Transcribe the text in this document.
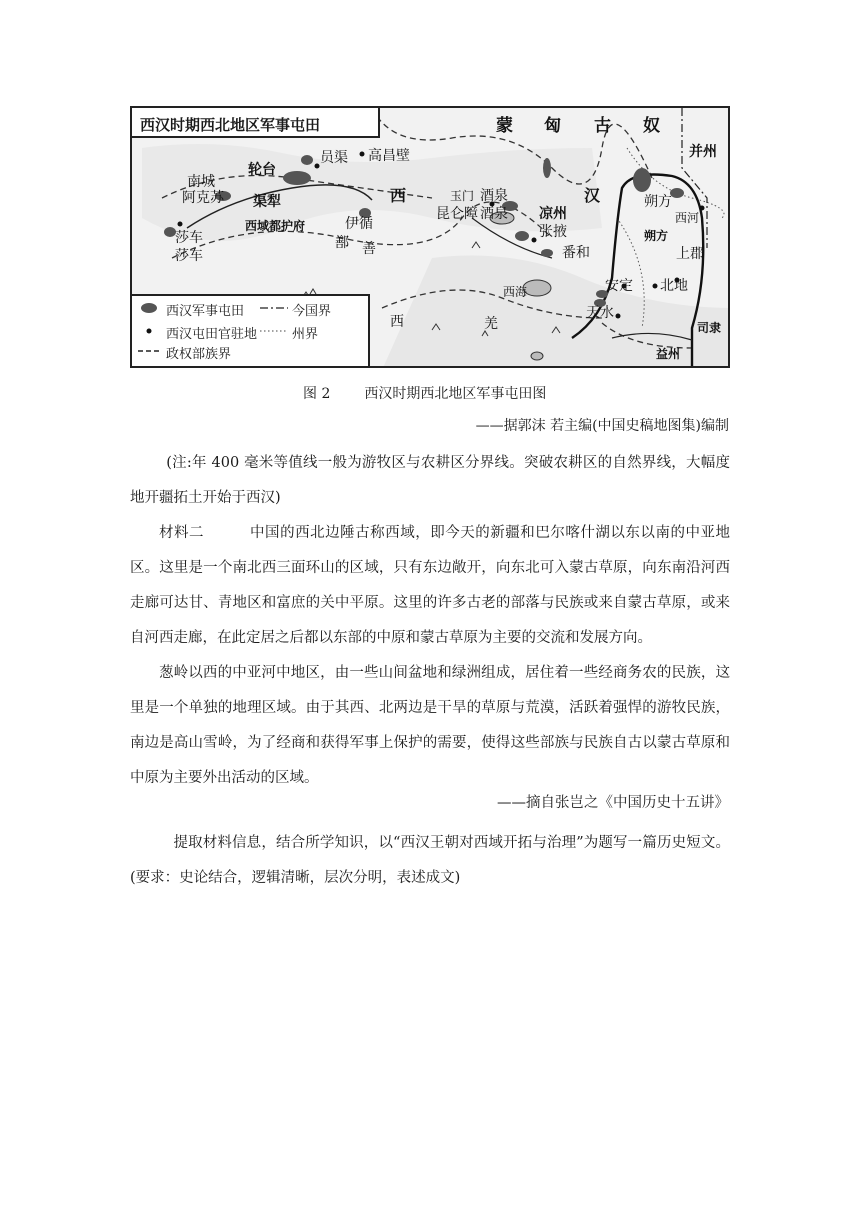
西汉时期西北地区军事屯田	蒙 匈 古 奴
并州
员渠 高昌壁
轮台
南城
阿克苏 渠犁	西
西域都护府	伊循
鄯 善
莎车
莎车
玉门 酒泉
昆仑障 酒泉 凉州
汉
张掖
番和
朔方
西河
朔方
上郡
安定 北地
西海
天水
西	羌	司隶
益州
西汉军事屯田	今国界
西汉屯田官驻地	州界
政权部族界
图 2 西汉时期西北地区军事屯田图
——据郭沫 若主编(中国史稿地图集)编制
(注:年 400 毫米等值线一般为游牧区与农耕区分界线。突破农耕区的自然界线，大幅度地开疆拓土开始于西汉)
材料二	中国的西北边陲古称西域，即今天的新疆和巴尔喀什湖以东以南的中亚地区。这里是一个南北西三面环山的区域，只有东边敞开，向东北可入蒙古草原，向东南沿河西走廊可达甘、青地区和富庶的关中平原。这里的许多古老的部落与民族或来自蒙古草原，或来自河西走廊，在此定居之后都以东部的中原和蒙古草原为主要的交流和发展方向。
葱岭以西的中亚河中地区，由一些山间盆地和绿洲组成，居住着一些经商务农的民族，这里是一个单独的地理区域。由于其西、北两边是干旱的草原与荒漠，活跃着强悍的游牧民族，南边是高山雪岭，为了经商和获得军事上保护的需要，使得这些部族与民族自古以蒙古草原和中原为主要外出活动的区域。
——摘自张岂之《中国历史十五讲》
提取材料信息，结合所学知识，以“西汉王朝对西域开拓与治理”为题写一篇历史短文。(要求：史论结合，逻辑清晰，层次分明，表述成文)
